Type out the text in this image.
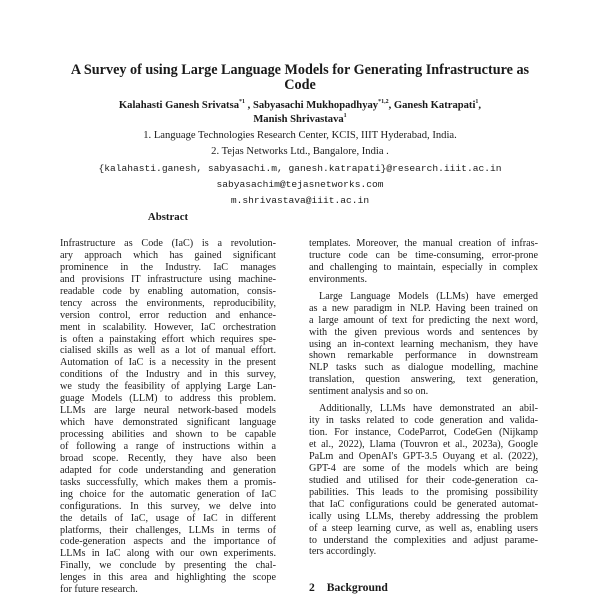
A Survey of using Large Language Models for Generating Infrastructure as
Code
Kalahasti Ganesh Srivatsa$^{*1}$ , Sabyasachi Mukhopadhyay$^{*1,2}$, Ganesh Katrapati$^1$,
Manish Shrivastava$^1$
1. Language Technologies Research Center, KCIS, IIIT Hyderabad, India.
2. Tejas Networks Ltd., Bangalore, India .
{kalahasti.ganesh, sabyasachi.m, ganesh.katrapati}@research.iiit.ac.in
sabyasachim@tejasnetworks.com
m.shrivastava@iiit.ac.in
Abstract
Infrastructure as Code (IaC) is a revolution-
ary approach which has gained significant
prominence in the Industry. IaC manages
and provisions IT infrastructure using machine-
readable code by enabling automation, consis-
tency across the environments, reproducibility,
version control, error reduction and enhance-
ment in scalability. However, IaC orchestration
is often a painstaking effort which requires spe-
cialised skills as well as a lot of manual effort.
Automation of IaC is a necessity in the present
conditions of the Industry and in this survey,
we study the feasibility of applying Large Lan-
guage Models (LLM) to address this problem.
LLMs are large neural network-based models
which have demonstrated significant language
processing abilities and shown to be capable
of following a range of instructions within a
broad scope. Recently, they have also been
adapted for code understanding and generation
tasks successfully, which makes them a promis-
ing choice for the automatic generation of IaC
configurations. In this survey, we delve into
the details of IaC, usage of IaC in different
platforms, their challenges, LLMs in terms of
code-generation aspects and the importance of
LLMs in IaC along with our own experiments.
Finally, we conclude by presenting the chal-
lenges in this area and highlighting the scope
for future research.
templates. Moreover, the manual creation of infras-
tructure code can be time-consuming, error-prone
and challenging to maintain, especially in complex
environments.
Large Language Models (LLMs) have emerged
as a new paradigm in NLP. Having been trained on
a large amount of text for predicting the next word,
with the given previous words and sentences by
using an in-context learning mechanism, they have
shown remarkable performance in downstream
NLP tasks such as dialogue modelling, machine
translation, question answering, text generation,
sentiment analysis and so on.
Additionally, LLMs have demonstrated an abil-
ity in tasks related to code generation and valida-
tion. For instance, CodeParrot, CodeGen (Nijkamp
et al., 2022), Llama (Touvron et al., 2023a), Google
PaLm and OpenAI's GPT-3.5 Ouyang et al. (2022),
GPT-4 are some of the models which are being
studied and utilised for their code-generation ca-
pabilities. This leads to the promising possibility
that IaC configurations could be generated automat-
ically using LLMs, thereby addressing the problem
of a steep learning curve, as well as, enabling users
to understand the complexities and adjust parame-
ters accordingly.
2 Background
